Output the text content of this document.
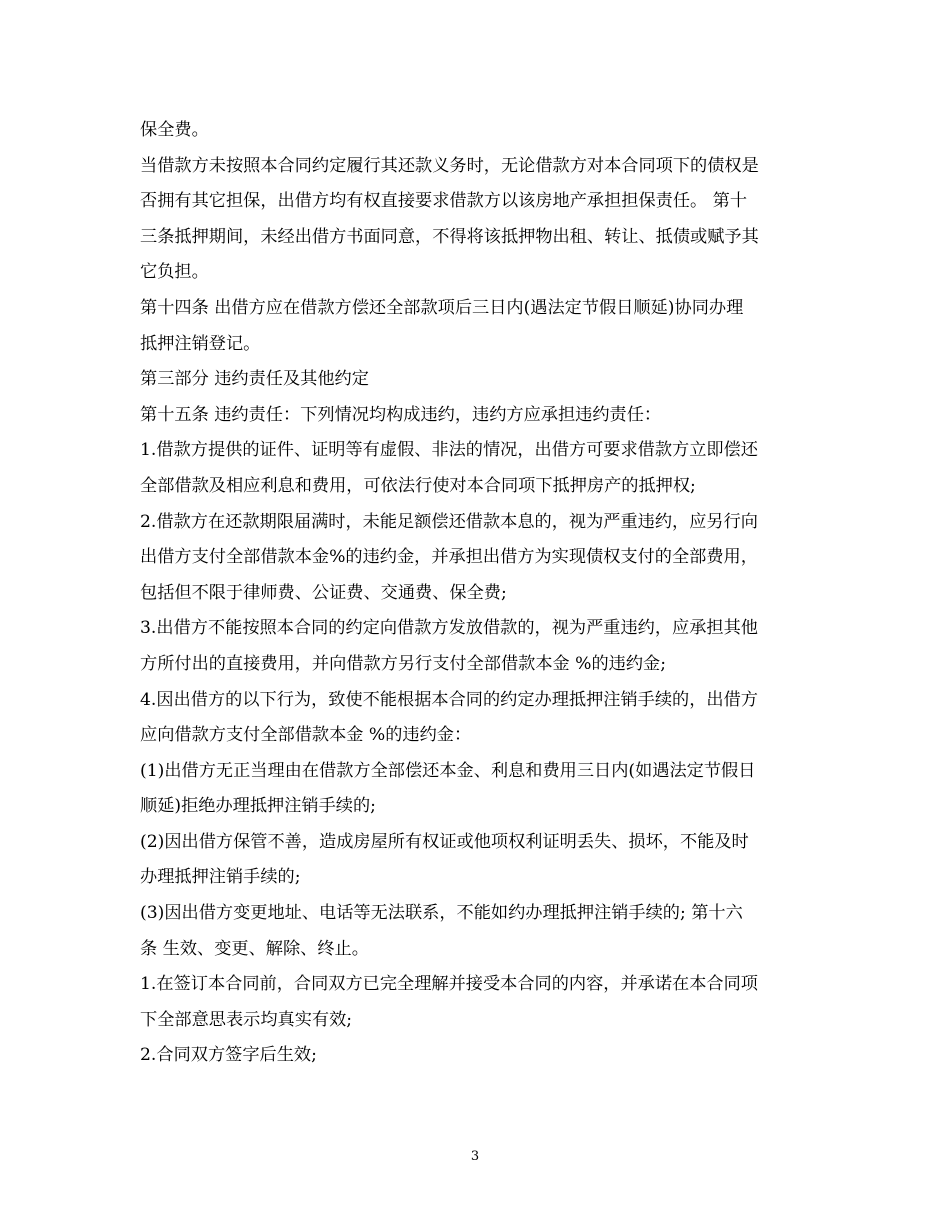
保全费。
当借款方未按照本合同约定履行其还款义务时，无论借款方对本合同项下的债权是
否拥有其它担保，出借方均有权直接要求借款方以该房地产承担担保责任。 第十
三条抵押期间，未经出借方书面同意，不得将该抵押物出租、转让、抵债或赋予其
它负担。
第十四条 出借方应在借款方偿还全部款项后三日内(遇法定节假日顺延)协同办理
抵押注销登记。
第三部分 违约责任及其他约定
第十五条 违约责任：下列情况均构成违约，违约方应承担违约责任：
1.借款方提供的证件、证明等有虚假、非法的情况，出借方可要求借款方立即偿还
全部借款及相应利息和费用，可依法行使对本合同项下抵押房产的抵押权;
2.借款方在还款期限届满时，未能足额偿还借款本息的，视为严重违约，应另行向
出借方支付全部借款本金%的违约金，并承担出借方为实现债权支付的全部费用，
包括但不限于律师费、公证费、交通费、保全费;
3.出借方不能按照本合同的约定向借款方发放借款的，视为严重违约，应承担其他
方所付出的直接费用，并向借款方另行支付全部借款本金 %的违约金;
4.因出借方的以下行为，致使不能根据本合同的约定办理抵押注销手续的，出借方
应向借款方支付全部借款本金 %的违约金：
(1)出借方无正当理由在借款方全部偿还本金、利息和费用三日内(如遇法定节假日
顺延)拒绝办理抵押注销手续的;
(2)因出借方保管不善，造成房屋所有权证或他项权利证明丢失、损坏，不能及时
办理抵押注销手续的;
(3)因出借方变更地址、电话等无法联系，不能如约办理抵押注销手续的; 第十六
条 生效、变更、解除、终止。
1.在签订本合同前，合同双方已完全理解并接受本合同的内容，并承诺在本合同项
下全部意思表示均真实有效;
2.合同双方签字后生效;
3
